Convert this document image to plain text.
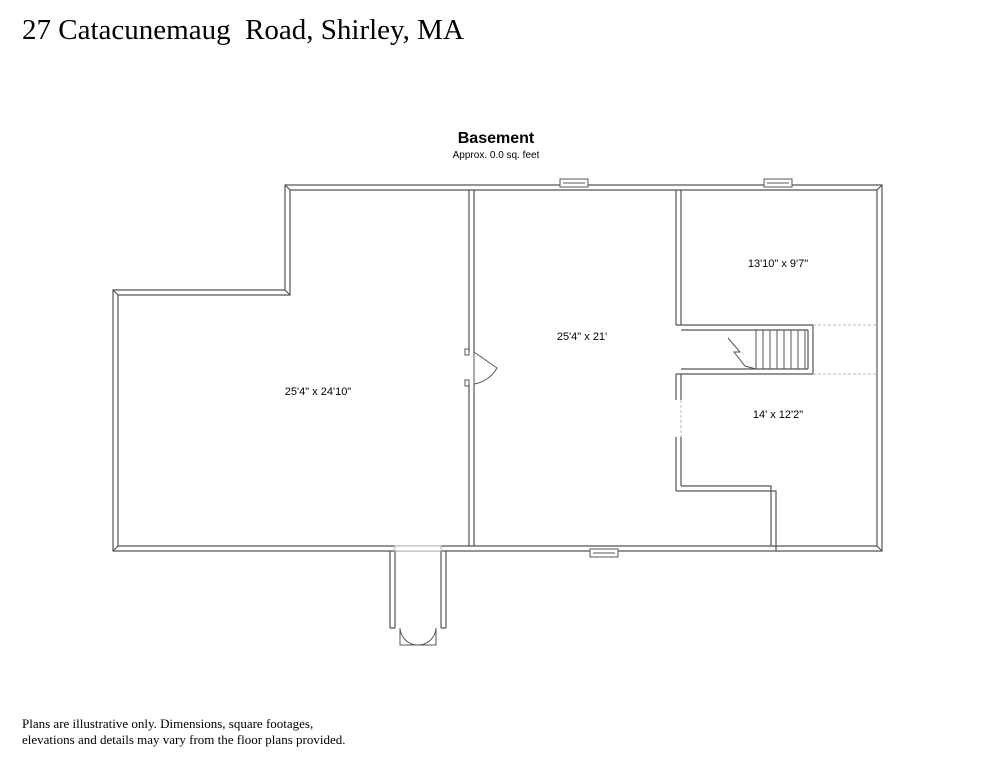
27 Catacunemaug  Road, Shirley, MA
Basement
Approx. 0.0 sq. feet
25'4" x 24'10"
25'4" x 21'
13'10" x 9'7"
14' x 12'2"
Plans are illustrative only. Dimensions, square footages,
elevations and details may vary from the floor plans provided.
